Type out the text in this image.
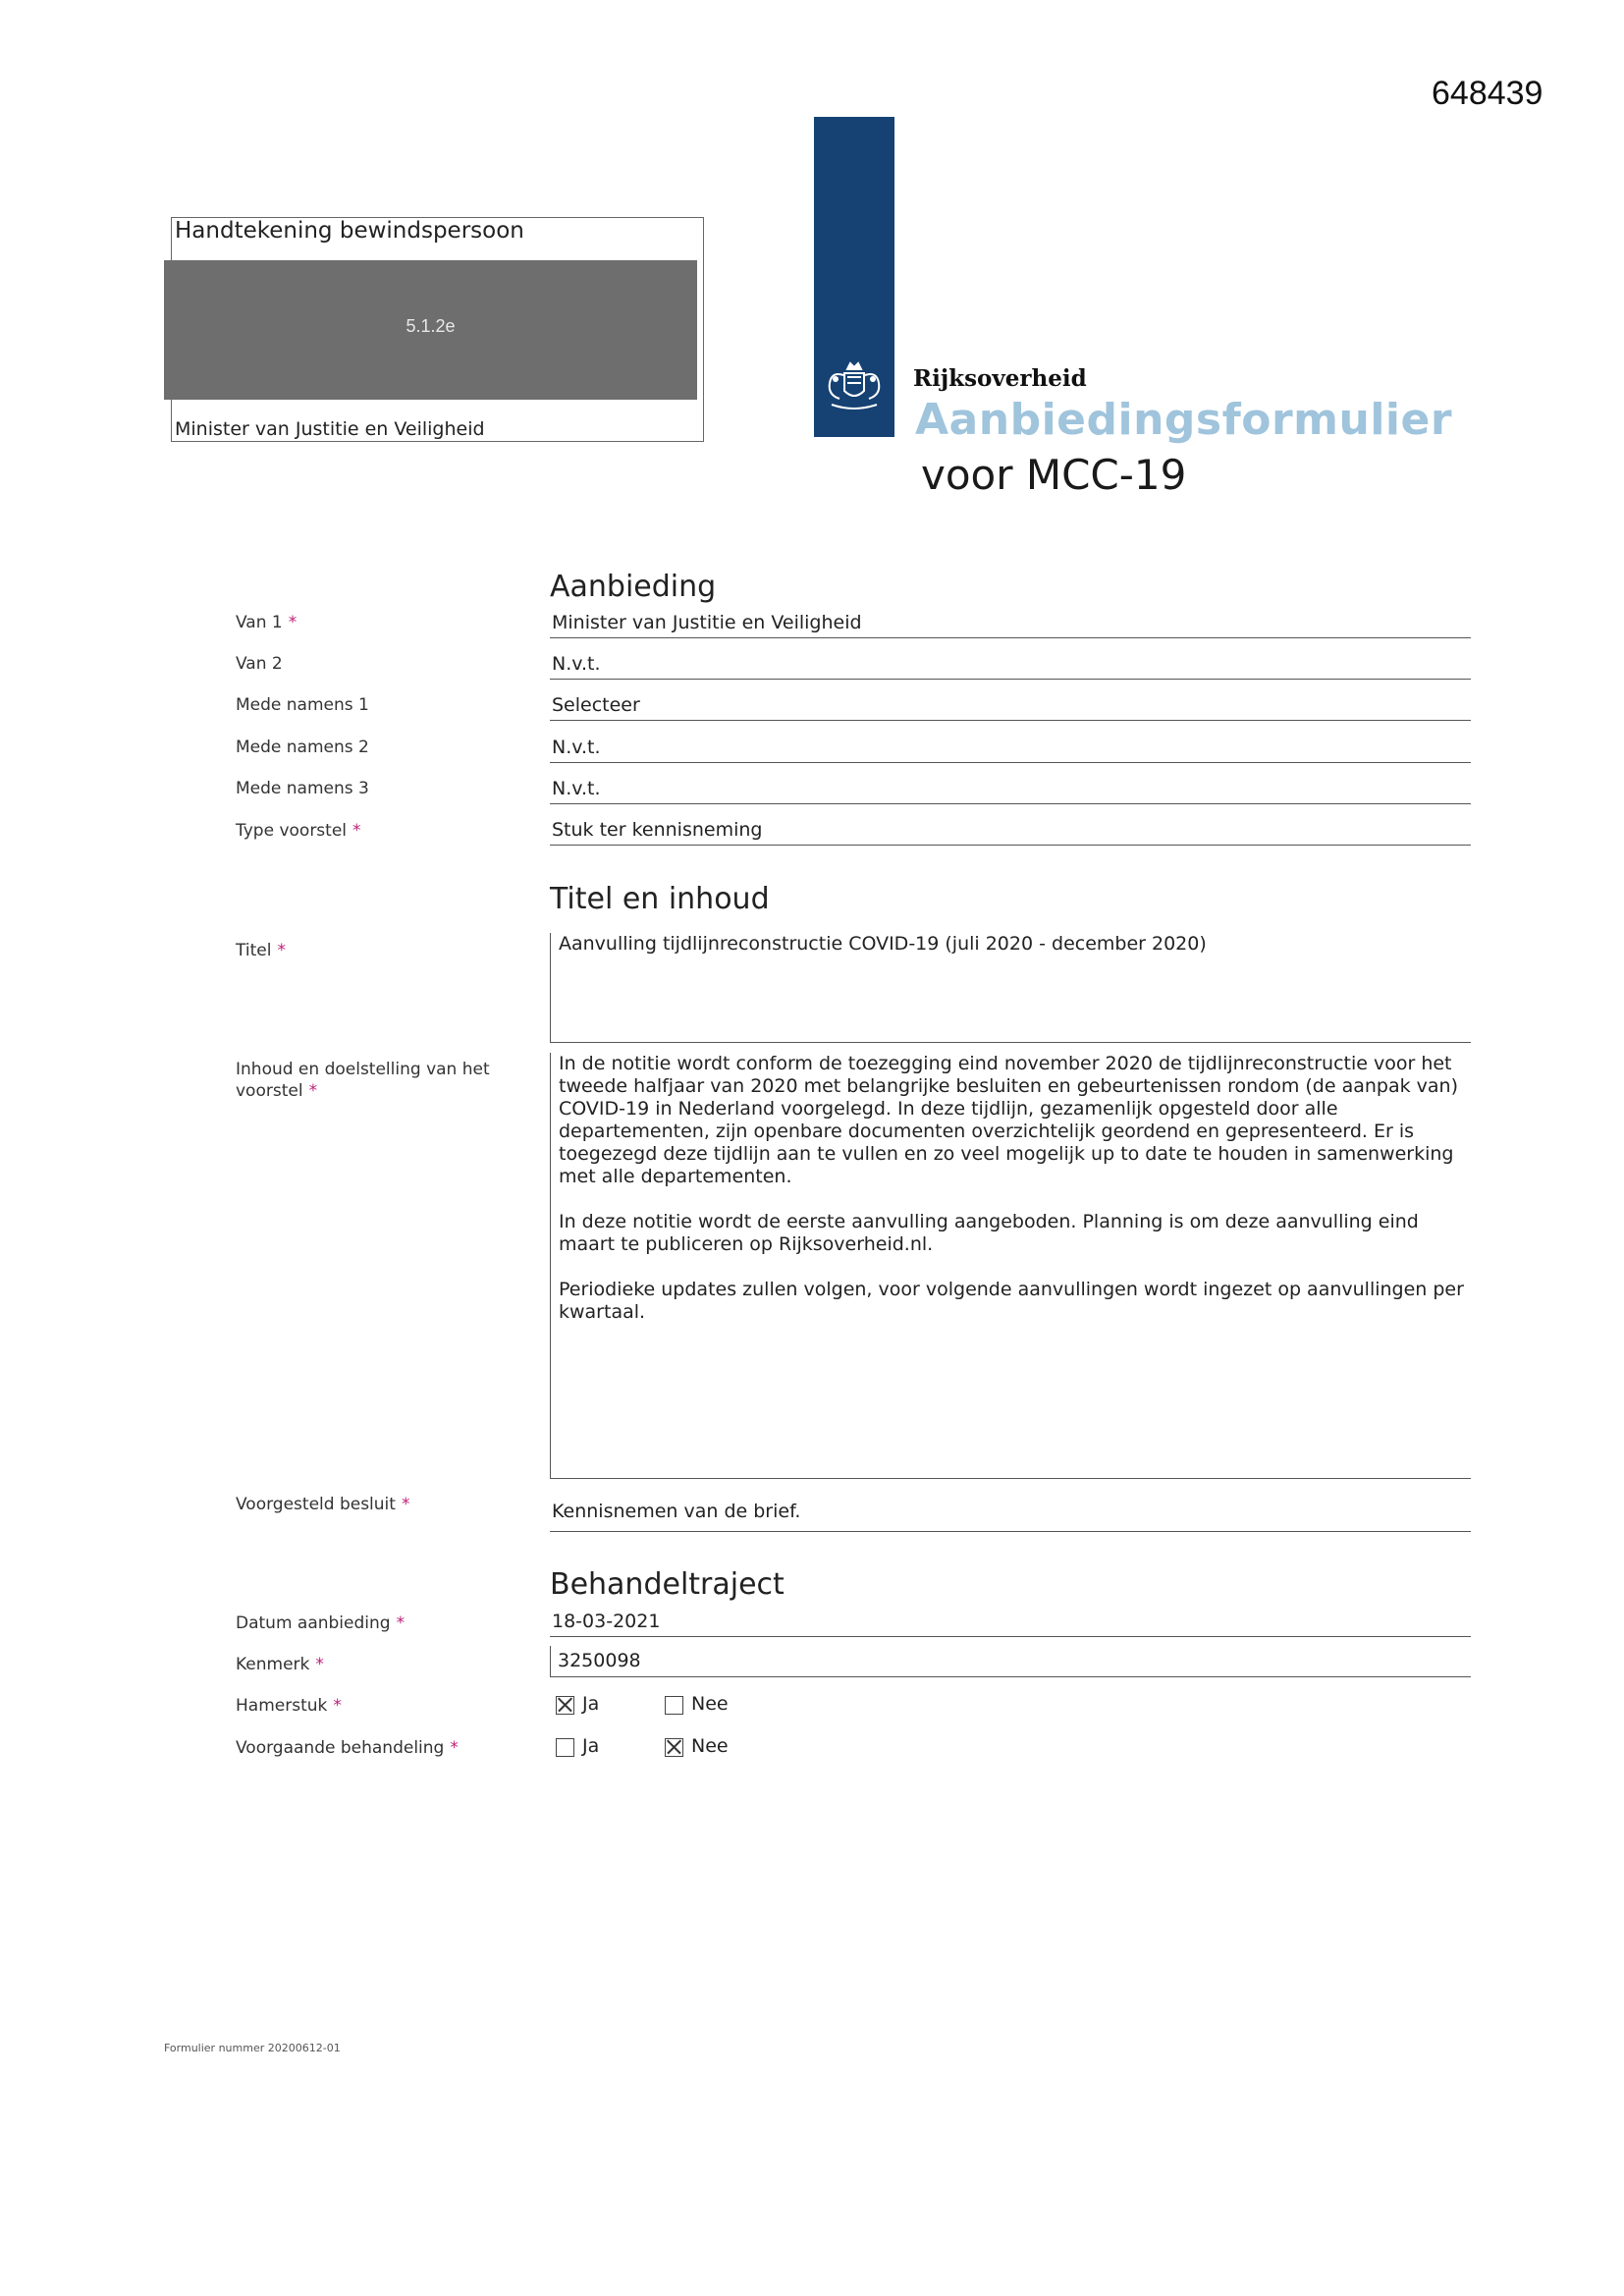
648439
Handtekening bewindspersoon
5.1.2e
Minister van Justitie en Veiligheid
Rijksoverheid
Aanbiedingsformulier
voor MCC-19
Aanbieding
Van 1 *	Minister van Justitie en Veiligheid
Van 2	N.v.t.
Mede namens 1	Selecteer
Mede namens 2	N.v.t.
Mede namens 3	N.v.t.
Type voorstel *	Stuk ter kennisneming
Titel en inhoud
Titel *	Aanvulling tijdlijnreconstructie COVID-19 (juli 2020 - december 2020)
Inhoud en doelstelling van het voorstel *

In de notitie wordt conform de toezegging eind november 2020 de tijdlijnreconstructie voor het tweede halfjaar van 2020 met belangrijke besluiten en gebeurtenissen rondom (de aanpak van) COVID-19 in Nederland voorgelegd. In deze tijdlijn, gezamenlijk opgesteld door alle departementen, zijn openbare documenten overzichtelijk geordend en gepresenteerd. Er is toegezegd deze tijdlijn aan te vullen en zo veel mogelijk up to date te houden in samenwerking met alle departementen.

In deze notitie wordt de eerste aanvulling aangeboden. Planning is om deze aanvulling eind maart te publiceren op Rijksoverheid.nl.

Periodieke updates zullen volgen, voor volgende aanvullingen wordt ingezet op aanvullingen per kwartaal.

Voorgesteld besluit *	Kennisnemen van de brief.
Behandeltraject
Datum aanbieding *	18-03-2021
Kenmerk *	3250098
Hamerstuk *	Ja	Nee
Voorgaande behandeling *	Ja	Nee
Formulier nummer 20200612-01
